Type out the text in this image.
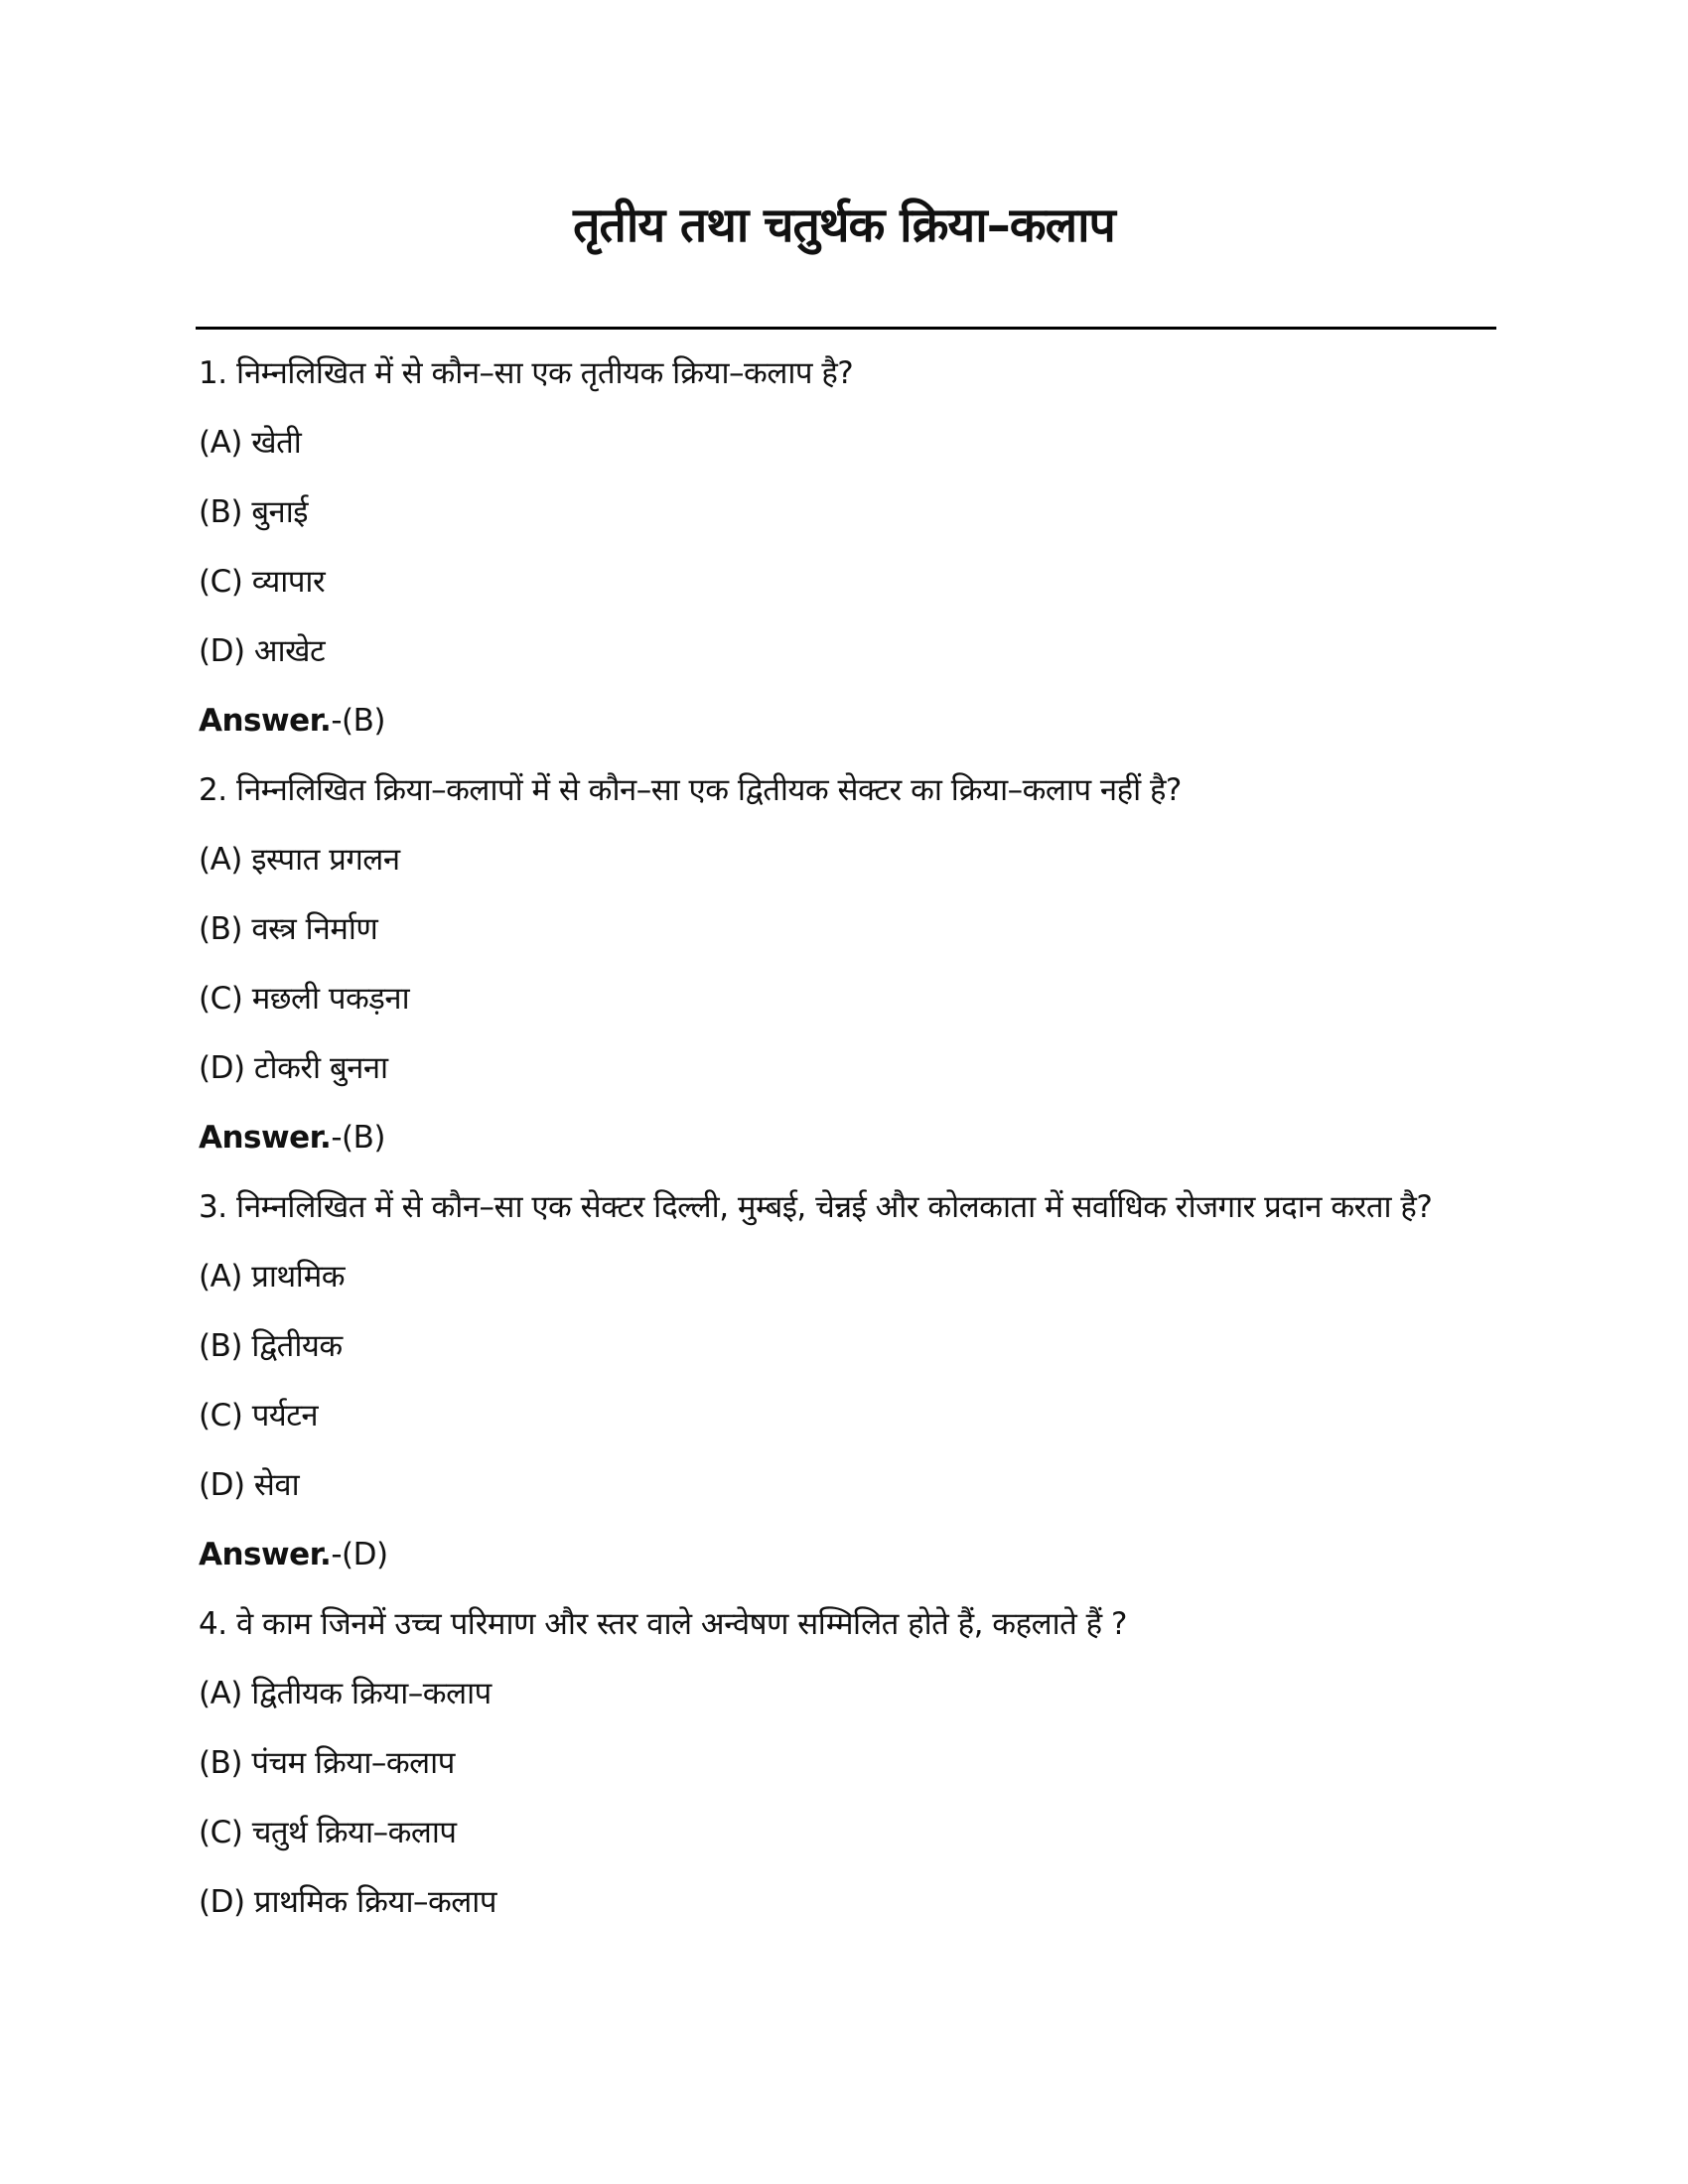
तृतीय तथा चतुर्थक क्रिया–कलाप

1. निम्नलिखित में से कौन–सा एक तृतीयक क्रिया–कलाप है?

(A) खेती

(B) बुनाई

(C) व्यापार

(D) आखेट

Answer.-(B)

2. निम्नलिखित क्रिया–कलापों में से कौन–सा एक द्वितीयक सेक्टर का क्रिया–कलाप नहीं है?

(A) इस्पात प्रगलन

(B) वस्त्र निर्माण

(C) मछली पकड़ना

(D) टोकरी बुनना

Answer.-(B)

3. निम्नलिखित में से कौन–सा एक सेक्टर दिल्ली, मुम्बई, चेन्नई और कोलकाता में सर्वाधिक रोजगार प्रदान करता है?

(A) प्राथमिक

(B) द्वितीयक

(C) पर्यटन

(D) सेवा

Answer.-(D)

4. वे काम जिनमें उच्च परिमाण और स्तर वाले अन्वेषण सम्मिलित होते हैं, कहलाते हैं ?

(A) द्वितीयक क्रिया–कलाप

(B) पंचम क्रिया–कलाप

(C) चतुर्थ क्रिया–कलाप

(D) प्राथमिक क्रिया–कलाप
